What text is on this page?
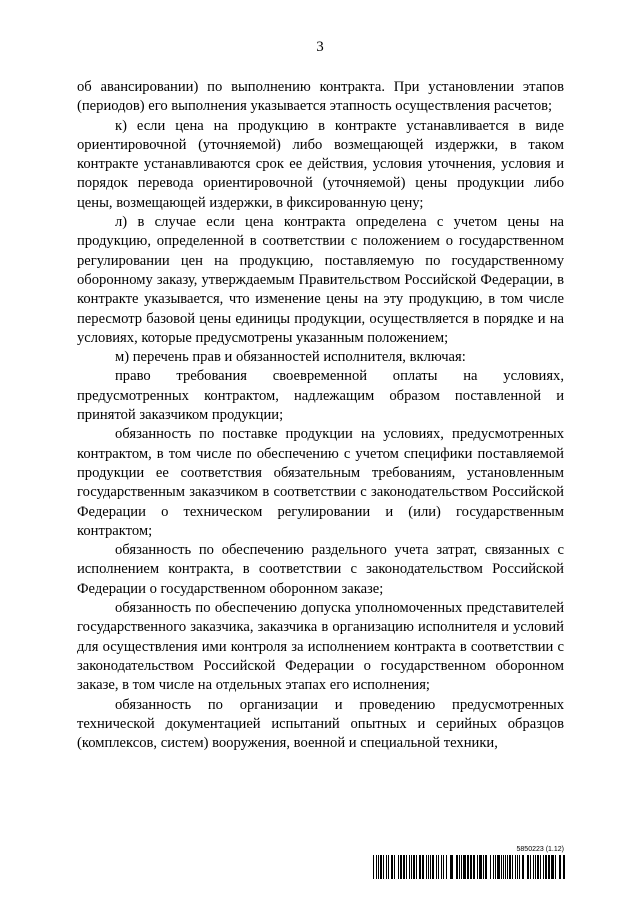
3

об авансировании) по выполнению контракта. При установлении этапов (периодов) его выполнения указывается этапность осуществления расчетов;

к) если цена на продукцию в контракте устанавливается в виде ориентировочной (уточняемой) либо возмещающей издержки, в таком контракте устанавливаются срок ее действия, условия уточнения, условия и порядок перевода ориентировочной (уточняемой) цены продукции либо цены, возмещающей издержки, в фиксированную цену;

л) в случае если цена контракта определена с учетом цены на продукцию, определенной в соответствии с положением о государственном регулировании цен на продукцию, поставляемую по государственному оборонному заказу, утверждаемым Правительством Российской Федерации, в контракте указывается, что изменение цены на эту продукцию, в том числе пересмотр базовой цены единицы продукции, осуществляется в порядке и на условиях, которые предусмотрены указанным положением;

м) перечень прав и обязанностей исполнителя, включая:

право требования своевременной оплаты на условиях, предусмотренных контрактом, надлежащим образом поставленной и принятой заказчиком продукции;

обязанность по поставке продукции на условиях, предусмотренных контрактом, в том числе по обеспечению с учетом специфики поставляемой продукции ее соответствия обязательным требованиям, установленным государственным заказчиком в соответствии с законодательством Российской Федерации о техническом регулировании и (или) государственным контрактом;

обязанность по обеспечению раздельного учета затрат, связанных с исполнением контракта, в соответствии с законодательством Российской Федерации о государственном оборонном заказе;

обязанность по обеспечению допуска уполномоченных представителей государственного заказчика, заказчика в организацию исполнителя и условий для осуществления ими контроля за исполнением контракта в соответствии с законодательством Российской Федерации о государственном оборонном заказе, в том числе на отдельных этапах его исполнения;

обязанность по организации и проведению предусмотренных технической документацией испытаний опытных и серийных образцов (комплексов, систем) вооружения, военной и специальной техники,

5850223 (1.12)
